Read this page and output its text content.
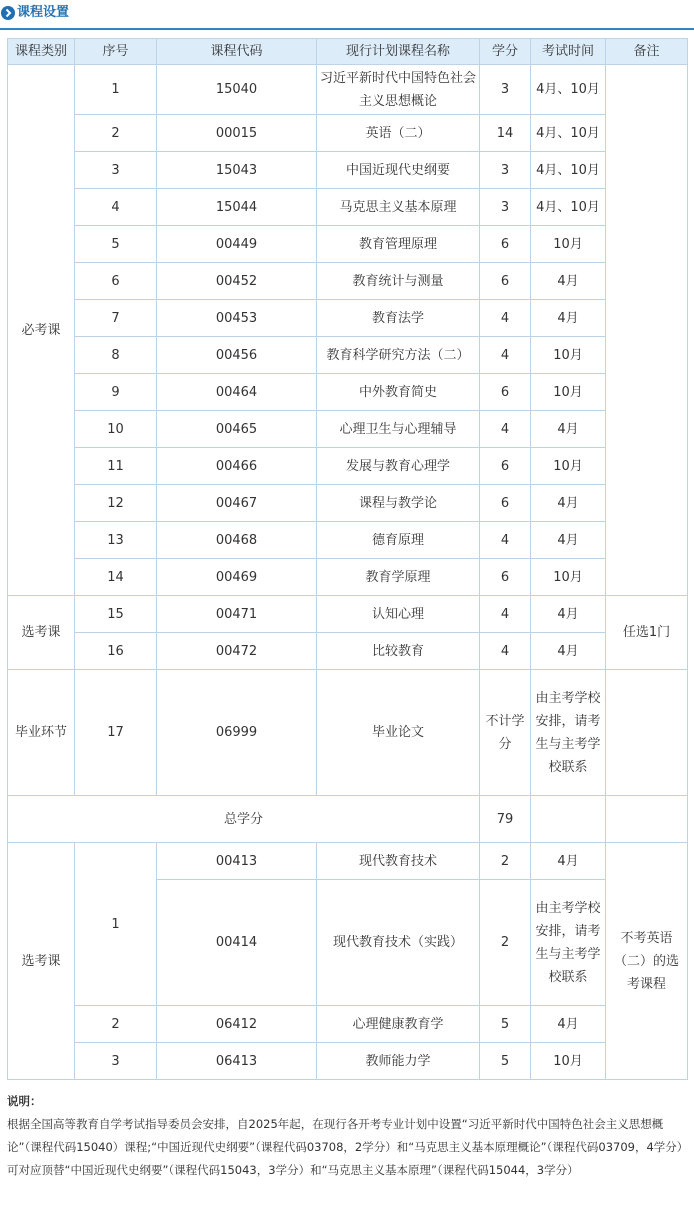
课程设置
课程类别	序号	课程代码	现行计划课程名称	学分	考试时间	备注
必考课	1	15040	习近平新时代中国特色社会主义思想概论	3	4月、10月	
	2	00015	英语（二）	14	4月、10月	
	3	15043	中国近现代史纲要	3	4月、10月	
	4	15044	马克思主义基本原理	3	4月、10月	
	5	00449	教育管理原理	6	10月	
	6	00452	教育统计与测量	6	4月	
	7	00453	教育法学	4	4月	
	8	00456	教育科学研究方法（二）	4	10月	
	9	00464	中外教育简史	6	10月	
	10	00465	心理卫生与心理辅导	4	4月	
	11	00466	发展与教育心理学	6	10月	
	12	00467	课程与教学论	6	4月	
	13	00468	德育原理	4	4月	
	14	00469	教育学原理	6	10月	
选考课	15	00471	认知心理	4	4月	任选1门
	16	00472	比较教育	4	4月	
毕业环节	17	06999	毕业论文	不计学分	由主考学校安排，请考生与主考学校联系	
总学分				79		
选考课	1	00413	现代教育技术	2	4月	不考英语（二）的选考课程
		00414	现代教育技术（实践）	2	由主考学校安排，请考生与主考学校联系	
	2	06412	心理健康教育学	5	4月	
	3	06413	教师能力学	5	10月	
说明：
根据全国高等教育自学考试指导委员会安排，自2025年起，在现行各开考专业计划中设置“习近平新时代中国特色社会主义思想概论”（课程代码15040）课程;“中国近现代史纲要”（课程代码03708，2学分）和“马克思主义基本原理概论”（课程代码03709，4学分）可对应顶替“中国近现代史纲要”（课程代码15043，3学分）和“马克思主义基本原理”（课程代码15044，3学分）
